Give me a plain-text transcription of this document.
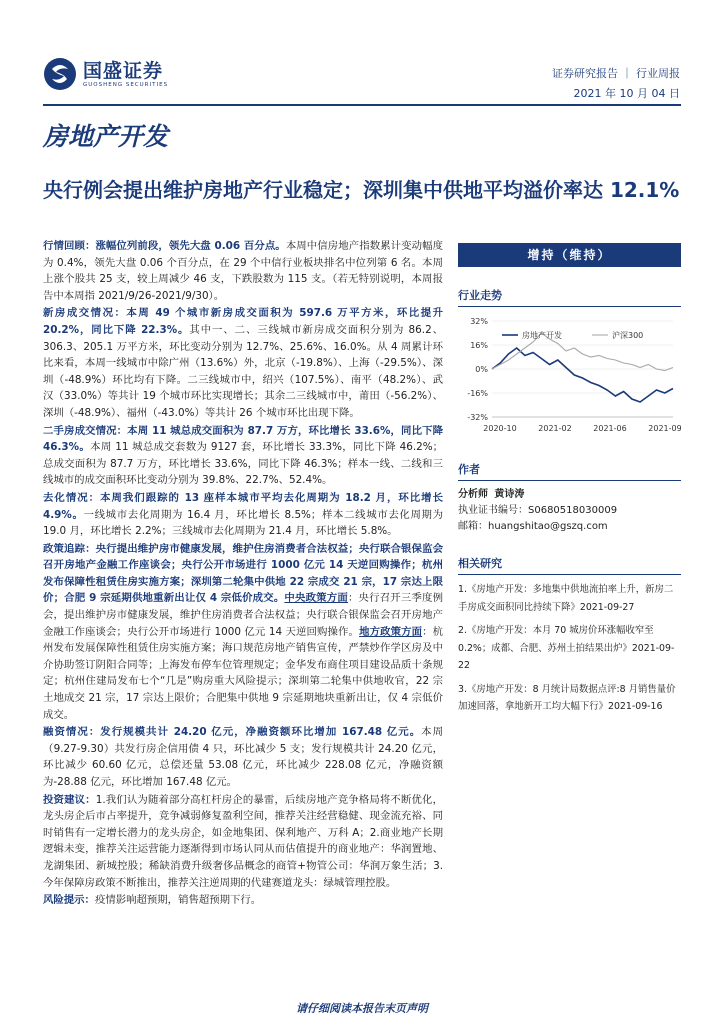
国盛证券
GUOSHENG SECURITIES
证券研究报告 ｜ 行业周报
2021 年 10 月 04 日
房地产开发
央行例会提出维护房地产行业稳定；深圳集中供地平均溢价率达 12.1%

行情回顾：涨幅位列前段，领先大盘 0.06 百分点。本周中信房地产指数累计变动幅度为 0.4%，领先大盘 0.06 个百分点，在 29 个中信行业板块排名中位列第 6 名。本周上涨个股共 25 支，较上周减少 46 支，下跌股数为 115 支。（若无特别说明，本周报告中本周指 2021/9/26-2021/9/30）。

新房成交情况：本周 49 个城市新房成交面积为 597.6 万平方米，环比提升 20.2%，同比下降 22.3%。其中一、二、三线城市新房成交面积分别为 86.2、306.3、205.1 万平方米，环比变动分别为 12.7%、25.6%、16.0%。从 4 周累计环比来看，本周一线城市中除广州（13.6%）外，北京（-19.8%）、上海（-29.5%）、深圳（-48.9%）环比均有下降。二三线城市中，绍兴（107.5%）、南平（48.2%）、武汉（33.0%）等共计 19 个城市环比实现增长；其余二三线城市中，莆田（-56.2%）、深圳（-48.9%）、福州（-43.0%）等共计 26 个城市环比出现下降。

二手房成交情况：本周 11 城总成交面积为 87.7 万方，环比增长 33.6%，同比下降 46.3%。本周 11 城总成交套数为 9127 套，环比增长 33.3%，同比下降 46.2%；总成交面积为 87.7 万方，环比增长 33.6%，同比下降 46.3%；样本一线、二线和三线城市的成交面积环比变动分别为 39.8%、22.7%、52.4%。

去化情况：本周我们跟踪的 13 座样本城市平均去化周期为 18.2 月，环比增长 4.9%。一线城市去化周期为 16.4 月，环比增长 8.5%；样本二线城市去化周期为 19.0 月，环比增长 2.2%；三线城市去化周期为 21.4 月，环比增长 5.8%。

政策追踪：央行提出维护房市健康发展，维护住房消费者合法权益；央行联合银保监会召开房地产金融工作座谈会；央行公开市场进行 1000 亿元 14 天逆回购操作；杭州发布保障性租赁住房实施方案；深圳第二轮集中供地 22 宗成交 21 宗，17 宗达上限价；合肥 9 宗延期供地重新出让仅 4 宗低价成交。中央政策方面：央行召开三季度例会，提出维护房市健康发展，维护住房消费者合法权益；央行联合银保监会召开房地产金融工作座谈会；央行公开市场进行 1000 亿元 14 天逆回购操作。地方政策方面：杭州发布发展保障性租赁住房实施方案；海口规范房地产销售宣传，严禁炒作学区房及中介协助签订阴阳合同等；上海发布停车位管理规定；金华发布商住项目建设品质十条规定；杭州住建局发布七个“几是”购房重大风险提示；深圳第二轮集中供地收官，22 宗土地成交 21 宗，17 宗达上限价；合肥集中供地 9 宗延期地块重新出让，仅 4 宗低价成交。

融资情况：发行规模共计 24.20 亿元，净融资额环比增加 167.48 亿元。本周（9.27-9.30）共发行房企信用债 4 只，环比减少 5 支；发行规模共计 24.20 亿元，环比减少 60.60 亿元，总偿还量 53.08 亿元，环比减少 228.08 亿元，净融资额为-28.88 亿元，环比增加 167.48 亿元。

投资建议：1.我们认为随着部分高杠杆房企的暴雷，后续房地产竞争格局将不断优化，龙头房企后市占率提升，竞争减弱修复盈利空间，推荐关注经营稳健、现金流充裕、同时销售有一定增长潜力的龙头房企，如金地集团、保利地产、万科 A；2.商业地产长期逻辑未变，推荐关注运营能力逐渐得到市场认同从而估值提升的商业地产：华润置地、龙湖集团、新城控股；稀缺消费升级奢侈品概念的商管+物管公司：华润万象生活；3.今年保障房政策不断推出，推荐关注逆周期的代建赛道龙头：绿城管理控股。

风险提示：疫情影响超预期，销售超预期下行。

增持（维持）
行业走势
32%
16%
0%
-16%
-32%
2020-10	2021-02	2021-06	2021-09
房地产开发	沪深300
作者
分析师 黄诗涛
执业证书编号：S0680518030009
邮箱：huangshitao@gszq.com
相关研究
1.《房地产开发：多地集中供地流拍率上升，新房二手房成交面积同比持续下降》2021-09-27
2.《房地产开发：本月 70 城房价环涨幅收窄至 0.2%；成都、合肥、苏州土拍结果出炉》2021-09-22
3.《房地产开发：8 月统计局数据点评:8 月销售量价加速回落，拿地新开工均大幅下行》2021-09-16
请仔细阅读本报告末页声明
